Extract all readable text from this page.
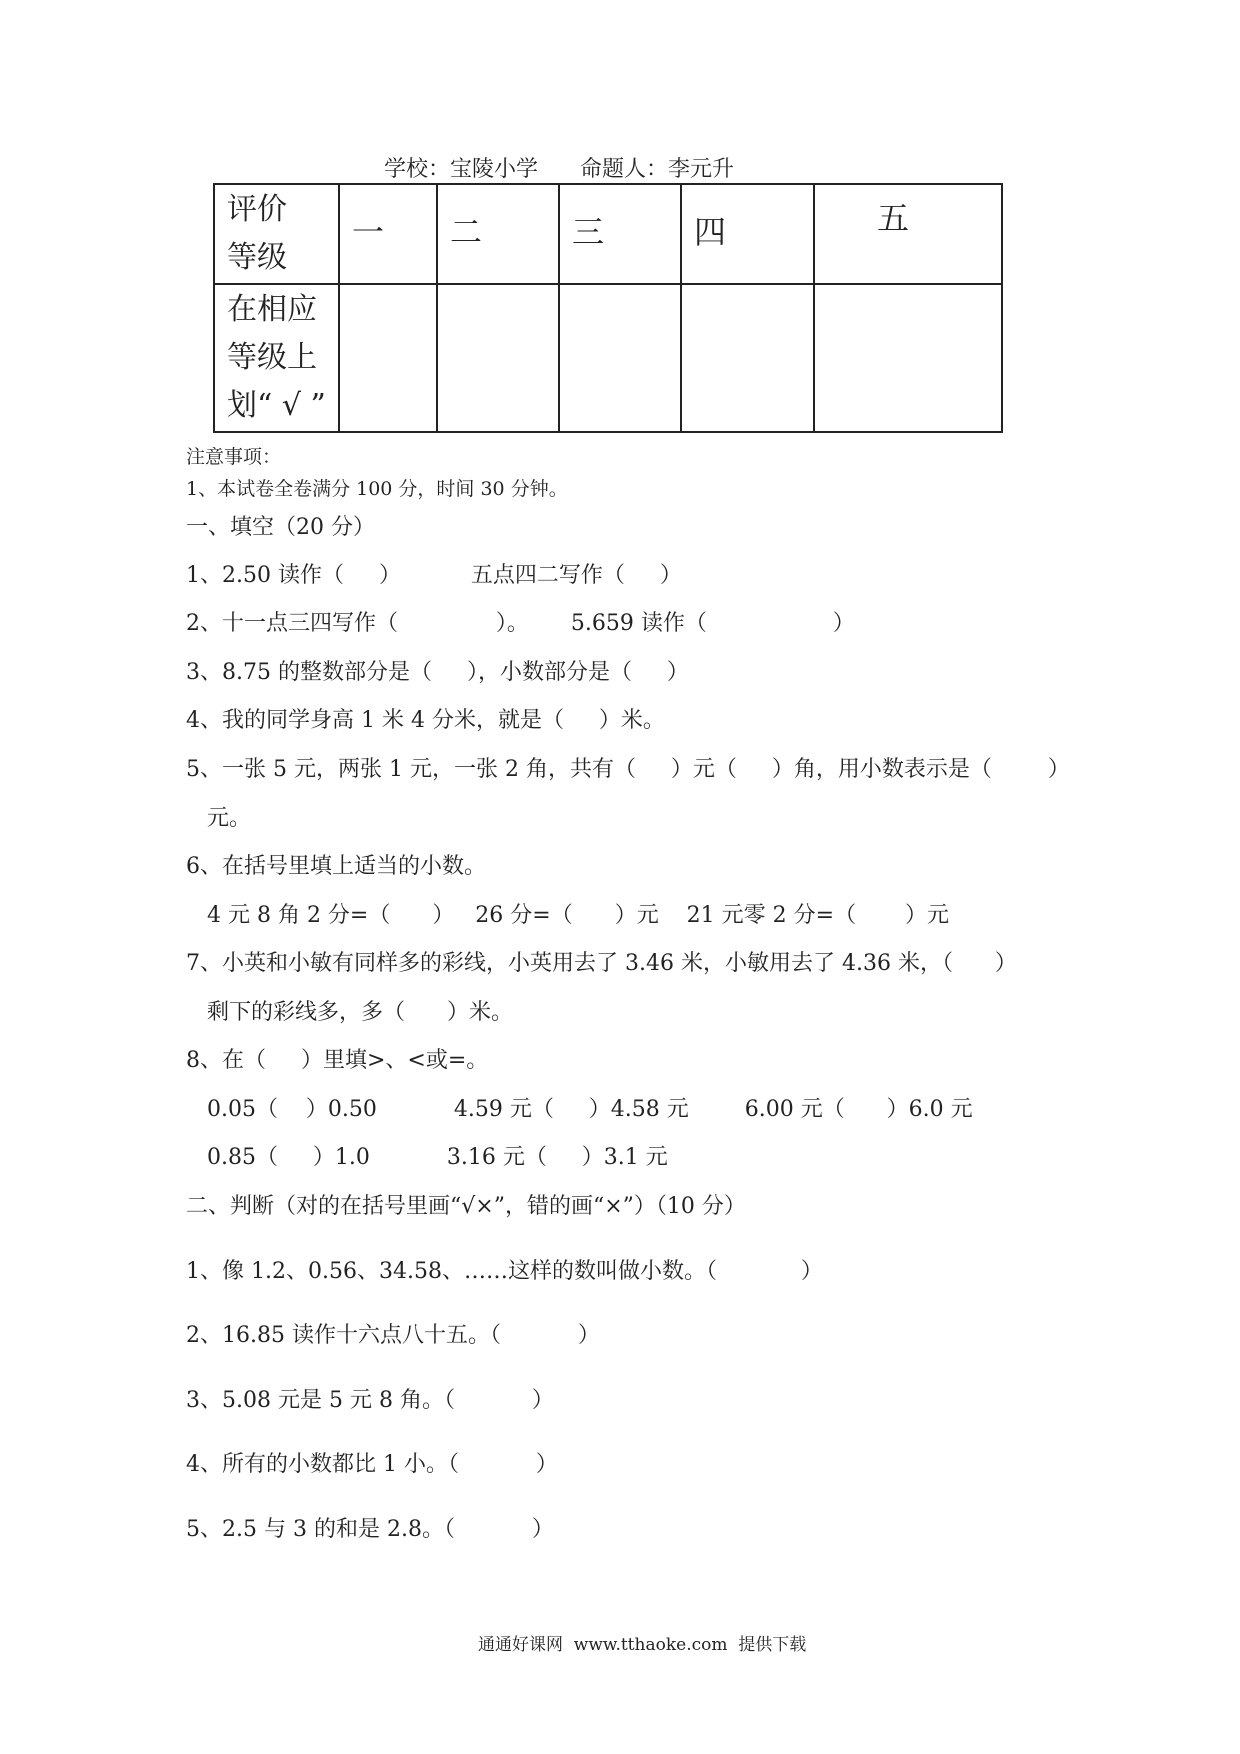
学校：宝陵小学      命题人：李元升
评价
等级	一	二	三	四	五

在相应
等级上
划“ √ ”					

注意事项：
1、本试卷全卷满分 100 分，时间 30 分钟。
一、填空（20 分）
1、2.50 读作（     ）          五点四二写作（     ）
2、十一点三四写作（              ）。      5.659 读作（                  ）
3、8.75 的整数部分是（     ），小数部分是（     ）
4、我的同学身高 1 米 4 分米，就是（     ）米。
5、一张 5 元，两张 1 元，一张 2 角，共有（     ）元（     ）角，用小数表示是（        ）
元。
6、在括号里填上适当的小数。
4 元 8 角 2 分=（      ）   26 分=（      ）元    21 元零 2 分=（       ）元
7、小英和小敏有同样多的彩线，小英用去了 3.46 米，小敏用去了 4.36 米，（      ）
剩下的彩线多，多（      ）米。
8、在（     ）里填>、<或=。
0.05（    ）0.50           4.59 元（     ）4.58 元        6.00 元（      ）6.0 元
0.85（     ）1.0           3.16 元（     ）3.1 元
二、判断（对的在括号里画“√×”，错的画“×”）（10 分）
1、像 1.2、0.56、34.58、……这样的数叫做小数。（            ）
2、16.85 读作十六点八十五。（           ）
3、5.08 元是 5 元 8 角。（           ）
4、所有的小数都比 1 小。（           ）
5、2.5 与 3 的和是 2.8。（           ）
通通好课网  www.tthaoke.com  提供下载
